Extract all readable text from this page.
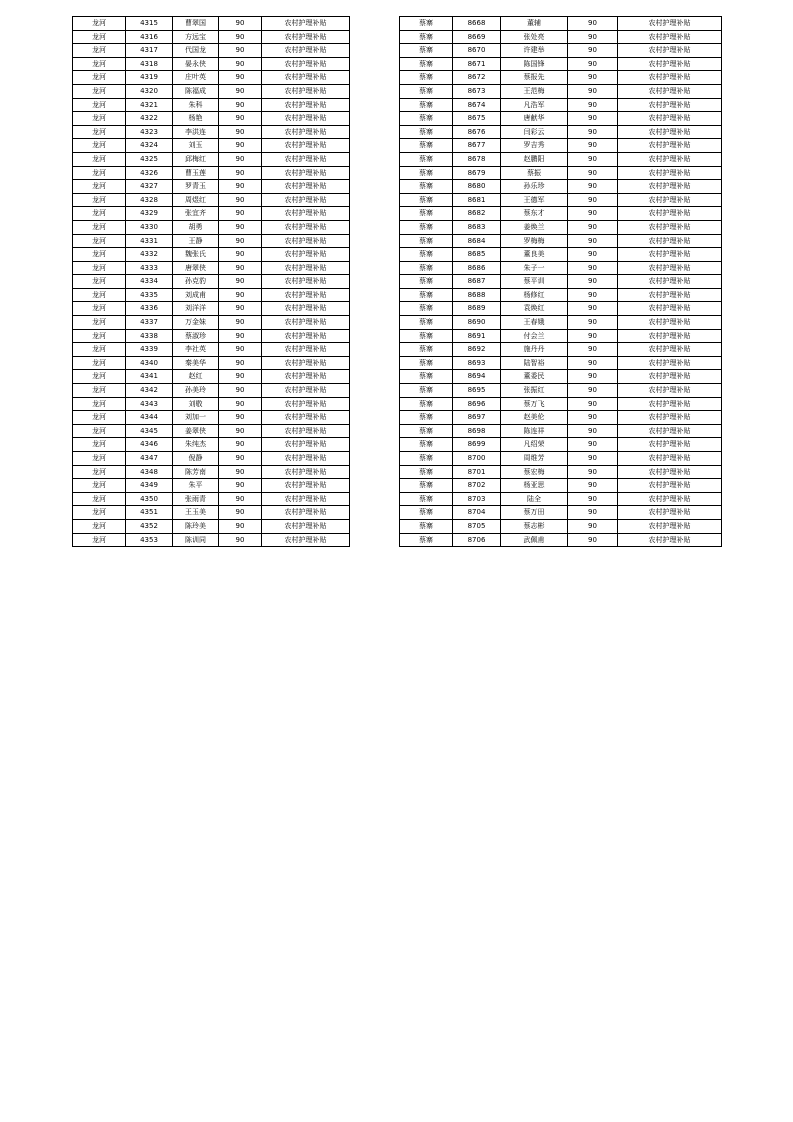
龙河	4315	曹翠国	90	农村护理补贴
龙河	4316	方远宝	90	农村护理补贴
龙河	4317	代国龙	90	农村护理补贴
龙河	4318	晏永侠	90	农村护理补贴
龙河	4319	庄叶英	90	农村护理补贴
龙河	4320	陈福成	90	农村护理补贴
龙河	4321	朱科	90	农村护理补贴
龙河	4322	杨艳	90	农村护理补贴
龙河	4323	李洪连	90	农村护理补贴
龙河	4324	刘玉	90	农村护理补贴
龙河	4325	邱梅红	90	农村护理补贴
龙河	4326	曹玉莲	90	农村护理补贴
龙河	4327	罗青玉	90	农村护理补贴
龙河	4328	周煜红	90	农村护理补贴
龙河	4329	张宜齐	90	农村护理补贴
龙河	4330	胡勇	90	农村护理补贴
龙河	4331	王静	90	农村护理补贴
龙河	4332	魏张氏	90	农村护理补贴
龙河	4333	唐翠侠	90	农村护理补贴
龙河	4334	孙克豹	90	农村护理补贴
龙河	4335	刘成甫	90	农村护理补贴
龙河	4336	刘洋洋	90	农村护理补贴
龙河	4337	万金妹	90	农村护理补贴
龙河	4338	蔡淑珍	90	农村护理补贴
龙河	4339	李社英	90	农村护理补贴
龙河	4340	秦美华	90	农村护理补贴
龙河	4341	赵红	90	农村护理补贴
龙河	4342	孙美玲	90	农村护理补贴
龙河	4343	刘敬	90	农村护理补贴
龙河	4344	刘加一	90	农村护理补贴
龙河	4345	姜翠侠	90	农村护理补贴
龙河	4346	朱纯杰	90	农村护理补贴
龙河	4347	倪静	90	农村护理补贴
龙河	4348	陈芳南	90	农村护理补贴
龙河	4349	朱平	90	农村护理补贴
龙河	4350	张雨青	90	农村护理补贴
龙河	4351	王玉美	90	农村护理补贴
龙河	4352	陈玲美	90	农村护理补贴
龙河	4353	陈训同	90	农村护理补贴
蔡寨	8668	董辅	90	农村护理补贴
蔡寨	8669	张处亮	90	农村护理补贴
蔡寨	8670	许建举	90	农村护理补贴
蔡寨	8671	陈国锋	90	农村护理补贴
蔡寨	8672	蔡报先	90	农村护理补贴
蔡寨	8673	王范梅	90	农村护理补贴
蔡寨	8674	凡浩军	90	农村护理补贴
蔡寨	8675	唐献华	90	农村护理补贴
蔡寨	8676	闫彩云	90	农村护理补贴
蔡寨	8677	罗吉秀	90	农村护理补贴
蔡寨	8678	赵鹏阳	90	农村护理补贴
蔡寨	8679	蔡振	90	农村护理补贴
蔡寨	8680	孙乐珍	90	农村护理补贴
蔡寨	8681	王德军	90	农村护理补贴
蔡寨	8682	蔡东才	90	农村护理补贴
蔡寨	8683	姜焕兰	90	农村护理补贴
蔡寨	8684	罗梅梅	90	农村护理补贴
蔡寨	8685	董良美	90	农村护理补贴
蔡寨	8686	朱子一	90	农村护理补贴
蔡寨	8687	蔡平训	90	农村护理补贴
蔡寨	8688	杨修红	90	农村护理补贴
蔡寨	8689	袁焕红	90	农村护理补贴
蔡寨	8690	王春娥	90	农村护理补贴
蔡寨	8691	付会兰	90	农村护理补贴
蔡寨	8692	施丹丹	90	农村护理补贴
蔡寨	8693	陆智裕	90	农村护理补贴
蔡寨	8694	董委民	90	农村护理补贴
蔡寨	8695	张振红	90	农村护理补贴
蔡寨	8696	蔡万飞	90	农村护理补贴
蔡寨	8697	赵美伦	90	农村护理补贴
蔡寨	8698	陈连祥	90	农村护理补贴
蔡寨	8699	凡绍荣	90	农村护理补贴
蔡寨	8700	周维芳	90	农村护理补贴
蔡寨	8701	蔡宏梅	90	农村护理补贴
蔡寨	8702	杨亚思	90	农村护理补贴
蔡寨	8703	陆全	90	农村护理补贴
蔡寨	8704	蔡万田	90	农村护理补贴
蔡寨	8705	蔡志彬	90	农村护理补贴
蔡寨	8706	武佩甫	90	农村护理补贴
